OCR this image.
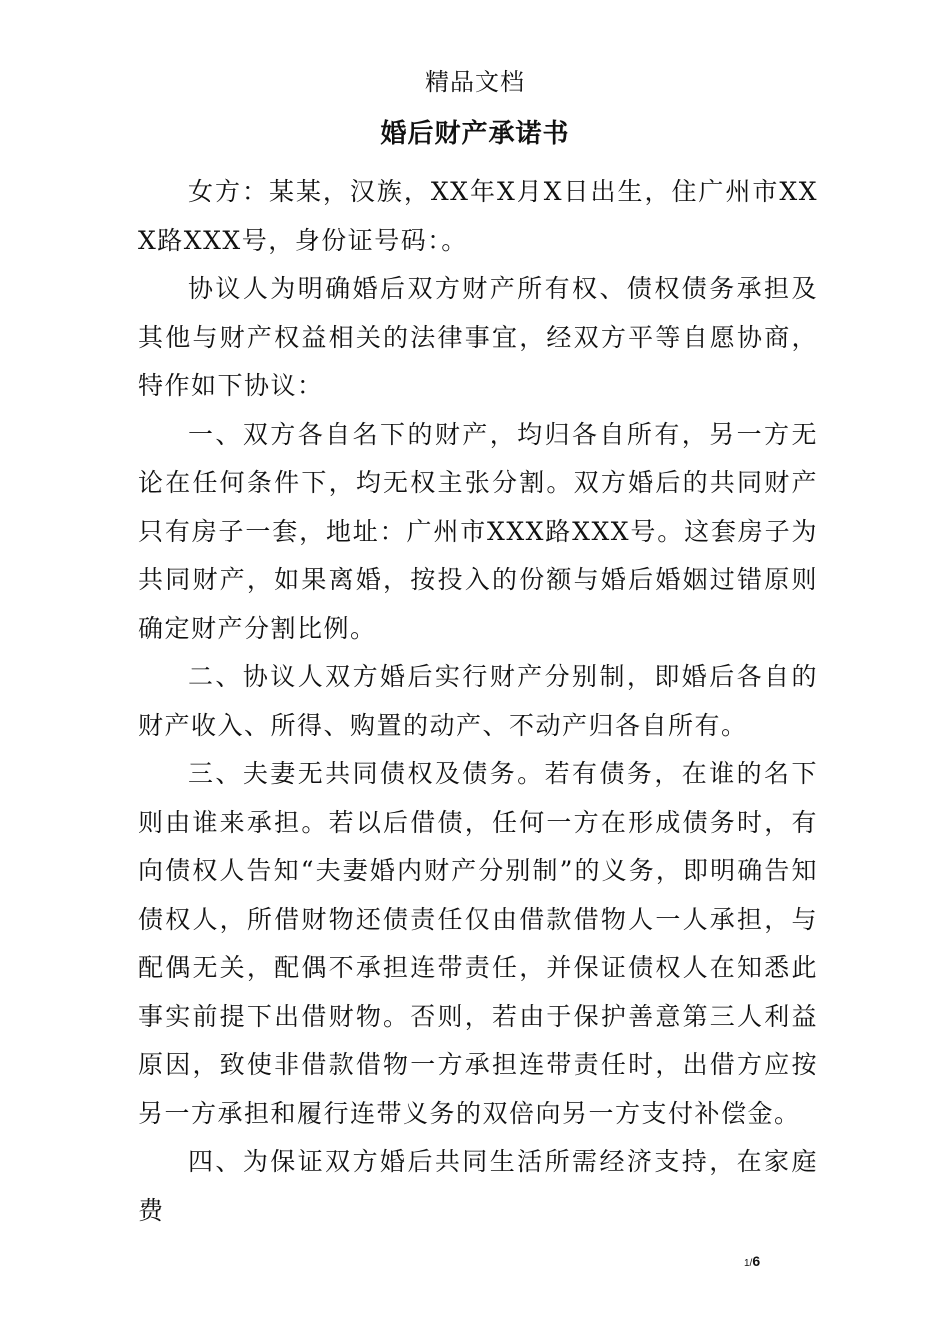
精品文档
婚后财产承诺书

女方：某某，汉族，XX年X月X日出生，住广州市XXX路XXX号，身份证号码：。

协议人为明确婚后双方财产所有权、债权债务承担及其他与财产权益相关的法律事宜，经双方平等自愿协商，特作如下协议：

一、双方各自名下的财产，均归各自所有，另一方无论在任何条件下，均无权主张分割。双方婚后的共同财产只有房子一套，地址：广州市XXX路XXX号。这套房子为共同财产，如果离婚，按投入的份额与婚后婚姻过错原则确定财产分割比例。

二、协议人双方婚后实行财产分别制，即婚后各自的财产收入、所得、购置的动产、不动产归各自所有。

三、夫妻无共同债权及债务。若有债务，在谁的名下则由谁来承担。若以后借债，任何一方在形成债务时，有向债权人告知“夫妻婚内财产分别制”的义务，即明确告知债权人，所借财物还债责任仅由借款借物人一人承担，与配偶无关，配偶不承担连带责任，并保证债权人在知悉此事实前提下出借财物。否则，若由于保护善意第三人利益原因，致使非借款借物一方承担连带责任时，出借方应按另一方承担和履行连带义务的双倍向另一方支付补偿金。

四、为保证双方婚后共同生活所需经济支持，在家庭费

1/6
